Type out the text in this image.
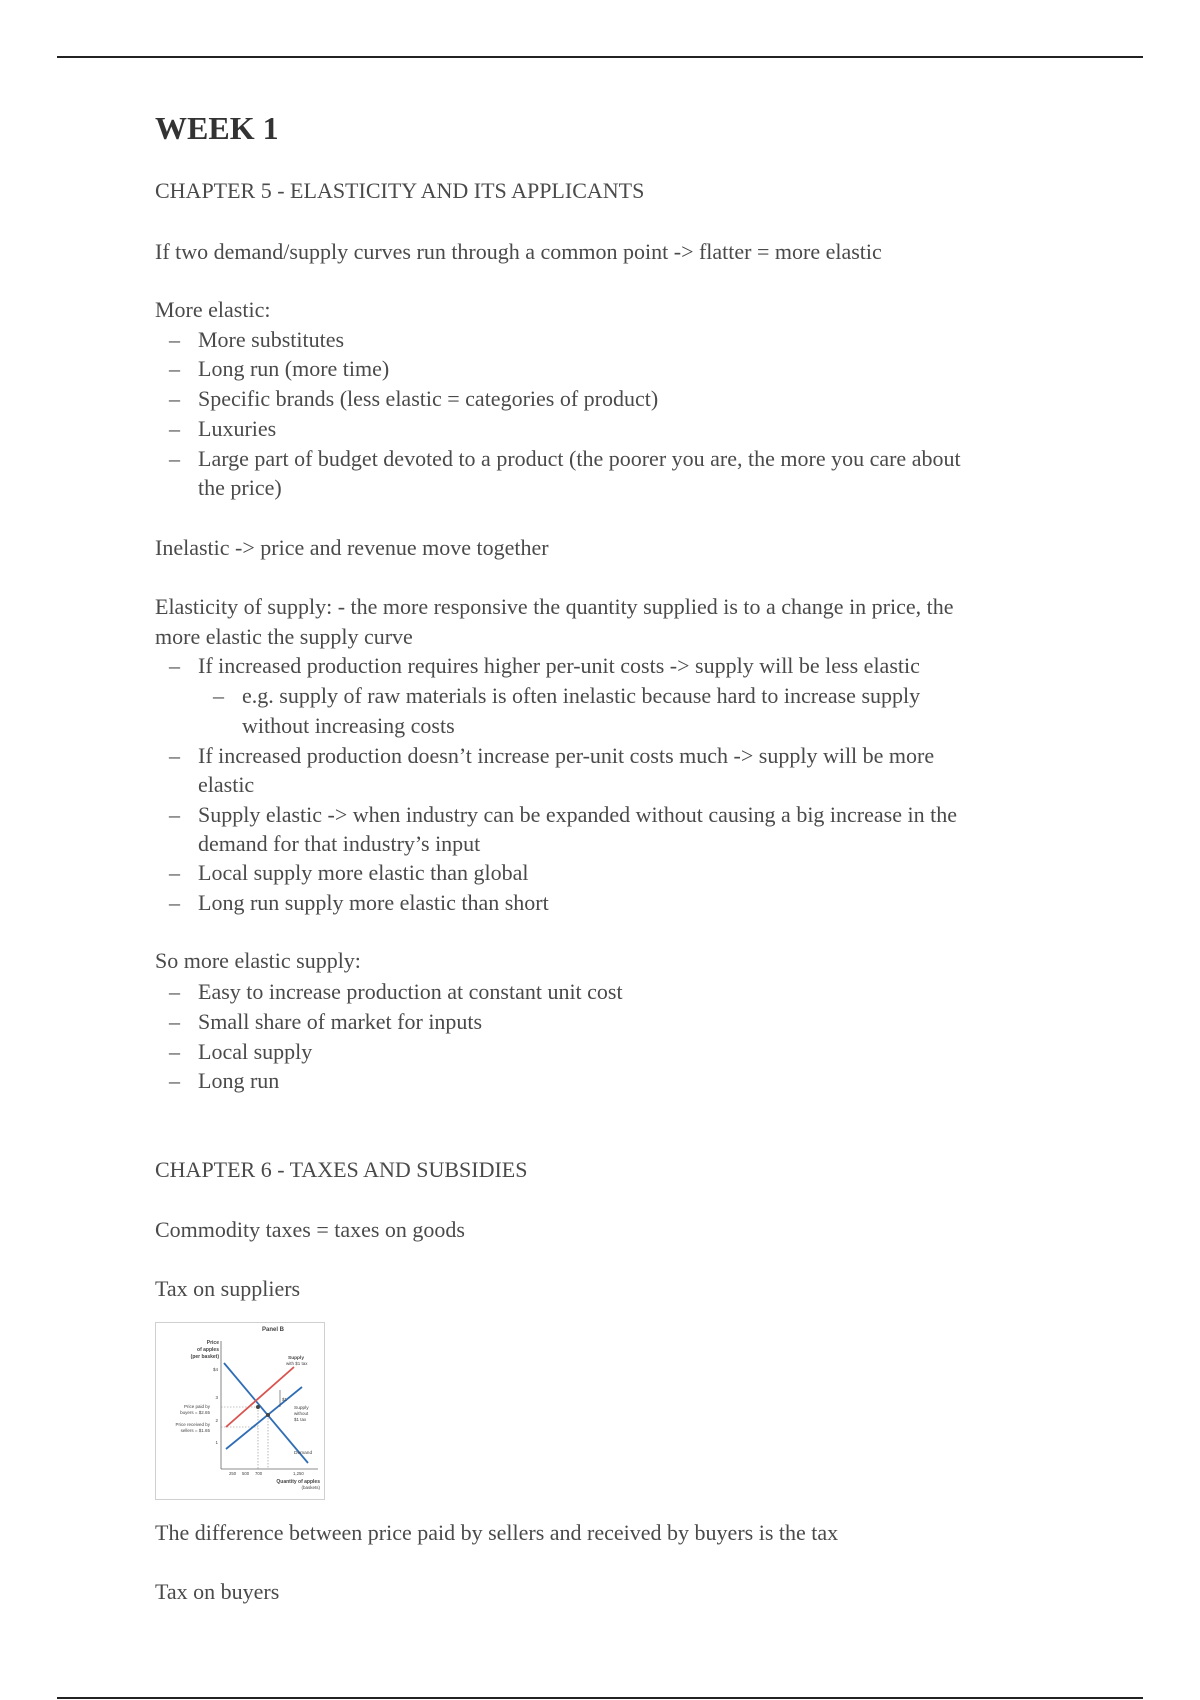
WEEK 1
CHAPTER 5 - ELASTICITY AND ITS APPLICANTS
If two demand/supply curves run through a common point -> flatter = more elastic
More elastic:
– More substitutes
– Long run (more time)
– Specific brands (less elastic = categories of product)
– Luxuries
– Large part of budget devoted to a product (the poorer you are, the more you care about
the price)
Inelastic -> price and revenue move together
Elasticity of supply: - the more responsive the quantity supplied is to a change in price, the
more elastic the supply curve
– If increased production requires higher per-unit costs -> supply will be less elastic
– e.g. supply of raw materials is often inelastic because hard to increase supply
without increasing costs
– If increased production doesn’t increase per-unit costs much -> supply will be more
elastic
– Supply elastic -> when industry can be expanded without causing a big increase in the
demand for that industry’s input
– Local supply more elastic than global
– Long run supply more elastic than short
So more elastic supply:
– Easy to increase production at constant unit cost
– Small share of market for inputs
– Local supply
– Long run
CHAPTER 6 - TAXES AND SUBSIDIES
Commodity taxes = taxes on goods
Tax on suppliers
The difference between price paid by sellers and received by buyers is the tax
Tax on buyers
Panel B
Price
of apples
(per basket)
$4
3
2
1
Price paid by
buyers = $2.65
Price received by
sellers = $1.65
$1
Supply
with $1 tax
Supply
without
$1 tax
Demand
250 500 700	1,250
Quantity of apples
(baskets)
